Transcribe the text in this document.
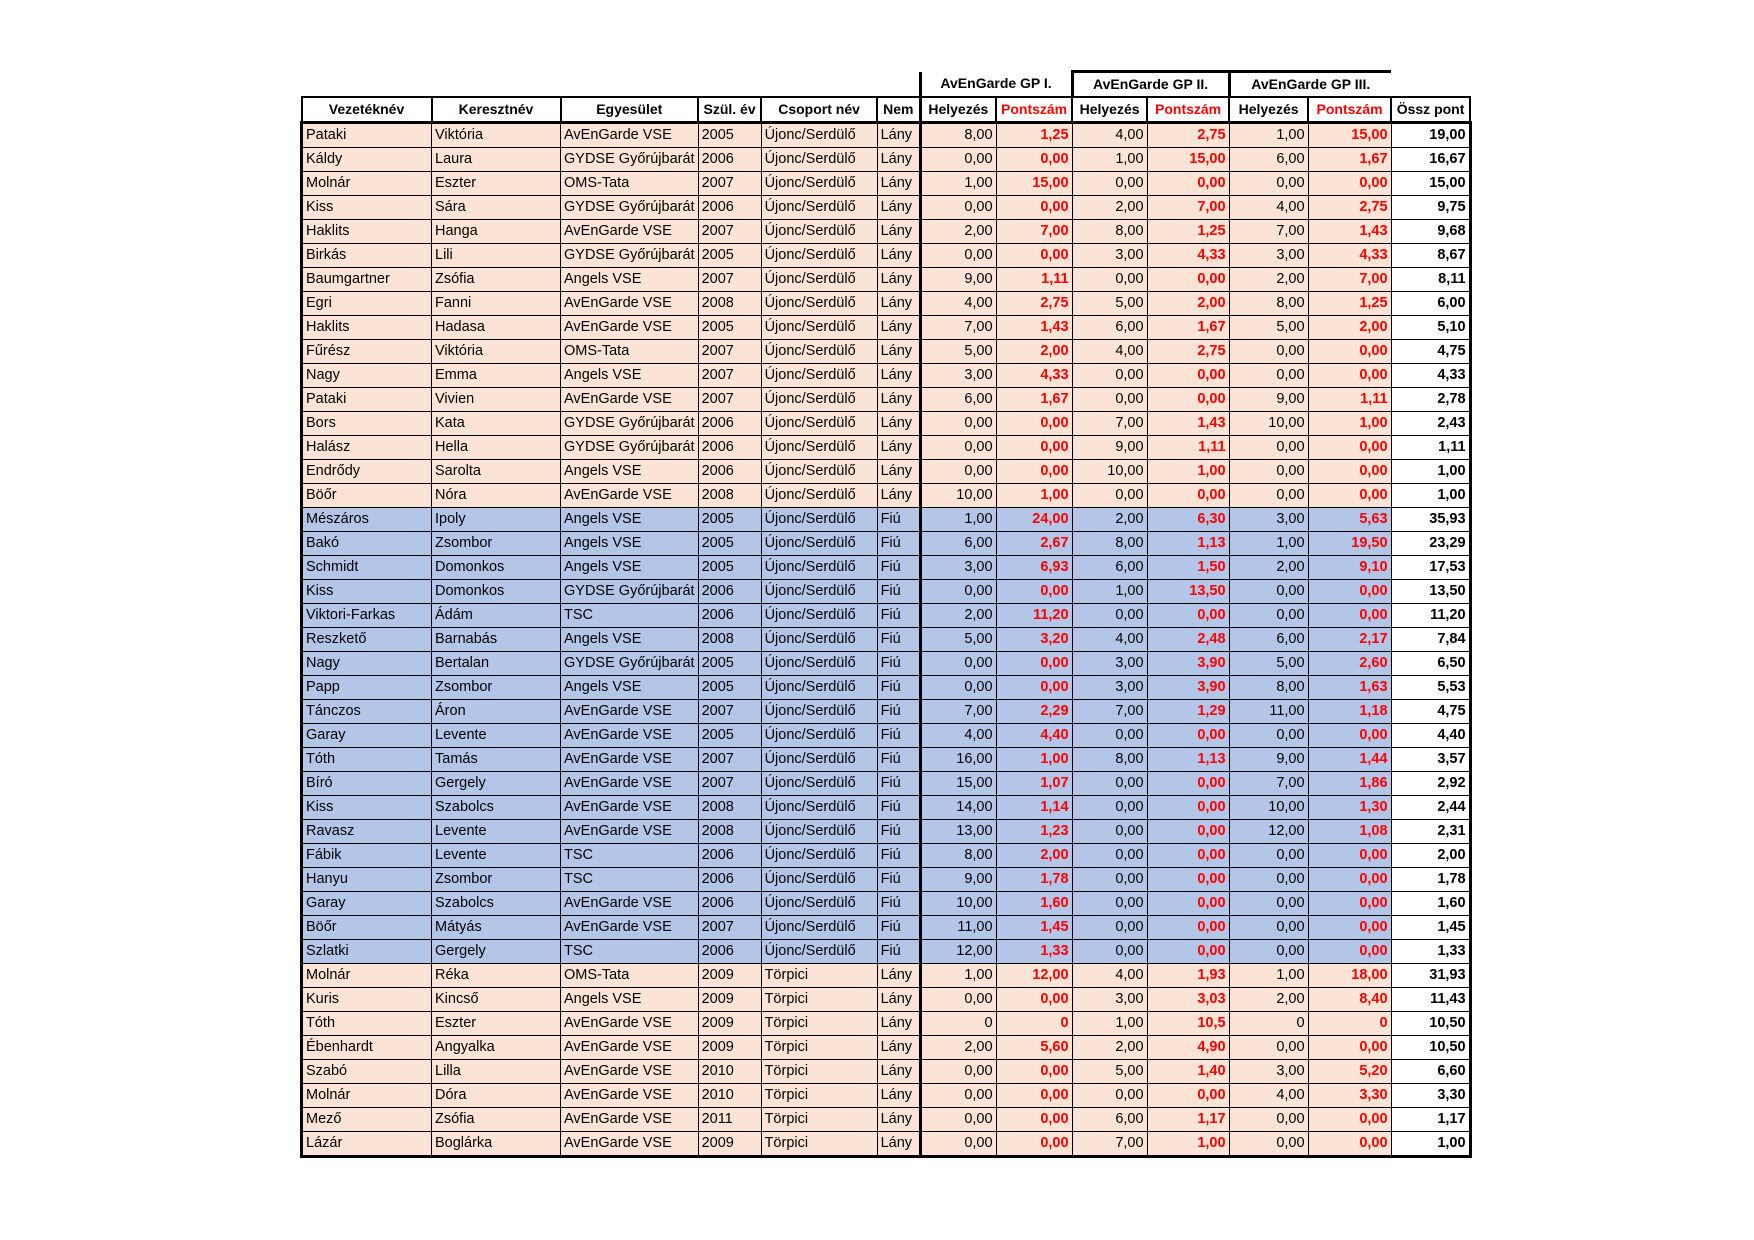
						AvEnGarde GP I.		AvEnGarde GP II.		AvEnGarde GP III.		
Vezetéknév	Keresztnév	Egyesület	Szül. év	Csoport név	Nem	Helyezés	Pontszám	Helyezés	Pontszám	Helyezés	Pontszám	Össz pont
Pataki	Viktória	AvEnGarde VSE	2005	Újonc/Serdülő	Lány	8,00	1,25	4,00	2,75	1,00	15,00	19,00
Káldy	Laura	GYDSE Győrújbarát	2006	Újonc/Serdülő	Lány	0,00	0,00	1,00	15,00	6,00	1,67	16,67
Molnár	Eszter	OMS-Tata	2007	Újonc/Serdülő	Lány	1,00	15,00	0,00	0,00	0,00	0,00	15,00
Kiss	Sára	GYDSE Győrújbarát	2006	Újonc/Serdülő	Lány	0,00	0,00	2,00	7,00	4,00	2,75	9,75
Haklits	Hanga	AvEnGarde VSE	2007	Újonc/Serdülő	Lány	2,00	7,00	8,00	1,25	7,00	1,43	9,68
Birkás	Lili	GYDSE Győrújbarát	2005	Újonc/Serdülő	Lány	0,00	0,00	3,00	4,33	3,00	4,33	8,67
Baumgartner	Zsófia	Angels VSE	2007	Újonc/Serdülő	Lány	9,00	1,11	0,00	0,00	2,00	7,00	8,11
Egri	Fanni	AvEnGarde VSE	2008	Újonc/Serdülő	Lány	4,00	2,75	5,00	2,00	8,00	1,25	6,00
Haklits	Hadasa	AvEnGarde VSE	2005	Újonc/Serdülő	Lány	7,00	1,43	6,00	1,67	5,00	2,00	5,10
Fűrész	Viktória	OMS-Tata	2007	Újonc/Serdülő	Lány	5,00	2,00	4,00	2,75	0,00	0,00	4,75
Nagy	Emma	Angels VSE	2007	Újonc/Serdülő	Lány	3,00	4,33	0,00	0,00	0,00	0,00	4,33
Pataki	Vivien	AvEnGarde VSE	2007	Újonc/Serdülő	Lány	6,00	1,67	0,00	0,00	9,00	1,11	2,78
Bors	Kata	GYDSE Győrújbarát	2006	Újonc/Serdülő	Lány	0,00	0,00	7,00	1,43	10,00	1,00	2,43
Halász	Hella	GYDSE Győrújbarát	2006	Újonc/Serdülő	Lány	0,00	0,00	9,00	1,11	0,00	0,00	1,11
Endrődy	Sarolta	Angels VSE	2006	Újonc/Serdülő	Lány	0,00	0,00	10,00	1,00	0,00	0,00	1,00
Böőr	Nóra	AvEnGarde VSE	2008	Újonc/Serdülő	Lány	10,00	1,00	0,00	0,00	0,00	0,00	1,00
Mészáros	Ipoly	Angels VSE	2005	Újonc/Serdülő	Fiú	1,00	24,00	2,00	6,30	3,00	5,63	35,93
Bakó	Zsombor	Angels VSE	2005	Újonc/Serdülő	Fiú	6,00	2,67	8,00	1,13	1,00	19,50	23,29
Schmidt	Domonkos	Angels VSE	2005	Újonc/Serdülő	Fiú	3,00	6,93	6,00	1,50	2,00	9,10	17,53
Kiss	Domonkos	GYDSE Győrújbarát	2006	Újonc/Serdülő	Fiú	0,00	0,00	1,00	13,50	0,00	0,00	13,50
Viktori-Farkas	Ádám	TSC	2006	Újonc/Serdülő	Fiú	2,00	11,20	0,00	0,00	0,00	0,00	11,20
Reszkető	Barnabás	Angels VSE	2008	Újonc/Serdülő	Fiú	5,00	3,20	4,00	2,48	6,00	2,17	7,84
Nagy	Bertalan	GYDSE Győrújbarát	2005	Újonc/Serdülő	Fiú	0,00	0,00	3,00	3,90	5,00	2,60	6,50
Papp	Zsombor	Angels VSE	2005	Újonc/Serdülő	Fiú	0,00	0,00	3,00	3,90	8,00	1,63	5,53
Tánczos	Áron	AvEnGarde VSE	2007	Újonc/Serdülő	Fiú	7,00	2,29	7,00	1,29	11,00	1,18	4,75
Garay	Levente	AvEnGarde VSE	2005	Újonc/Serdülő	Fiú	4,00	4,40	0,00	0,00	0,00	0,00	4,40
Tóth	Tamás	AvEnGarde VSE	2007	Újonc/Serdülő	Fiú	16,00	1,00	8,00	1,13	9,00	1,44	3,57
Bíró	Gergely	AvEnGarde VSE	2007	Újonc/Serdülő	Fiú	15,00	1,07	0,00	0,00	7,00	1,86	2,92
Kiss	Szabolcs	AvEnGarde VSE	2008	Újonc/Serdülő	Fiú	14,00	1,14	0,00	0,00	10,00	1,30	2,44
Ravasz	Levente	AvEnGarde VSE	2008	Újonc/Serdülő	Fiú	13,00	1,23	0,00	0,00	12,00	1,08	2,31
Fábik	Levente	TSC	2006	Újonc/Serdülő	Fiú	8,00	2,00	0,00	0,00	0,00	0,00	2,00
Hanyu	Zsombor	TSC	2006	Újonc/Serdülő	Fiú	9,00	1,78	0,00	0,00	0,00	0,00	1,78
Garay	Szabolcs	AvEnGarde VSE	2006	Újonc/Serdülő	Fiú	10,00	1,60	0,00	0,00	0,00	0,00	1,60
Böőr	Mátyás	AvEnGarde VSE	2007	Újonc/Serdülő	Fiú	11,00	1,45	0,00	0,00	0,00	0,00	1,45
Szlatki	Gergely	TSC	2006	Újonc/Serdülő	Fiú	12,00	1,33	0,00	0,00	0,00	0,00	1,33
Molnár	Réka	OMS-Tata	2009	Törpici	Lány	1,00	12,00	4,00	1,93	1,00	18,00	31,93
Kuris	Kincső	Angels VSE	2009	Törpici	Lány	0,00	0,00	3,00	3,03	2,00	8,40	11,43
Tóth	Eszter	AvEnGarde VSE	2009	Törpici	Lány	0	0	1,00	10,5	0	0	10,50
Ébenhardt	Angyalka	AvEnGarde VSE	2009	Törpici	Lány	2,00	5,60	2,00	4,90	0,00	0,00	10,50
Szabó	Lilla	AvEnGarde VSE	2010	Törpici	Lány	0,00	0,00	5,00	1,40	3,00	5,20	6,60
Molnár	Dóra	AvEnGarde VSE	2010	Törpici	Lány	0,00	0,00	0,00	0,00	4,00	3,30	3,30
Mező	Zsófia	AvEnGarde VSE	2011	Törpici	Lány	0,00	0,00	6,00	1,17	0,00	0,00	1,17
Lázár	Boglárka	AvEnGarde VSE	2009	Törpici	Lány	0,00	0,00	7,00	1,00	0,00	0,00	1,00
